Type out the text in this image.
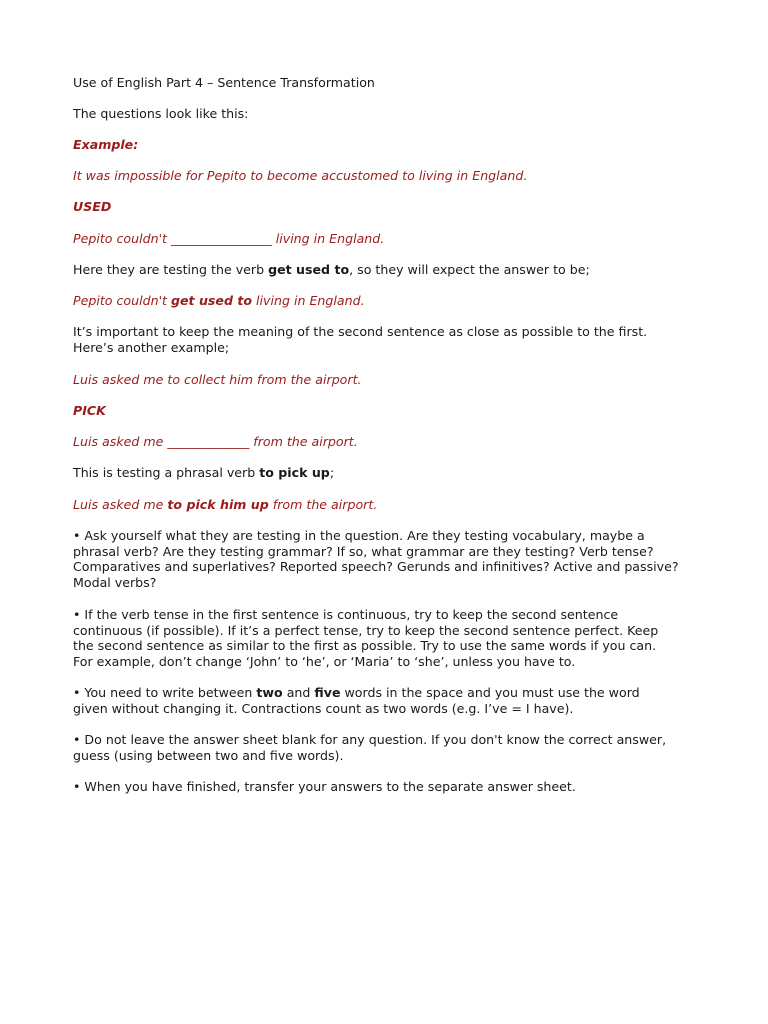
Use of English Part 4 – Sentence Transformation

The questions look like this:

Example:

It was impossible for Pepito to become accustomed to living in England.

USED

Pepito couldn't ________________ living in England.

Here they are testing the verb get used to, so they will expect the answer to be;

Pepito couldn't get used to living in England.

It’s important to keep the meaning of the second sentence as close as possible to the first.

Here’s another example;

Luis asked me to collect him from the airport.

PICK

Luis asked me _____________ from the airport.

This is testing a phrasal verb to pick up;

Luis asked me to pick him up from the airport.

• Ask yourself what they are testing in the question. Are they testing vocabulary, maybe a

phrasal verb? Are they testing grammar? If so, what grammar are they testing? Verb tense?

Comparatives and superlatives? Reported speech? Gerunds and infinitives? Active and passive?

Modal verbs?

• If the verb tense in the first sentence is continuous, try to keep the second sentence

continuous (if possible). If it’s a perfect tense, try to keep the second sentence perfect. Keep

the second sentence as similar to the first as possible. Try to use the same words if you can.

For example, don’t change ‘John’ to ‘he’, or ‘Maria’ to ‘she’, unless you have to.

• You need to write between two and five words in the space and you must use the word

given without changing it. Contractions count as two words (e.g. I’ve = I have).

• Do not leave the answer sheet blank for any question. If you don't know the correct answer,

guess (using between two and five words).

• When you have finished, transfer your answers to the separate answer sheet.
